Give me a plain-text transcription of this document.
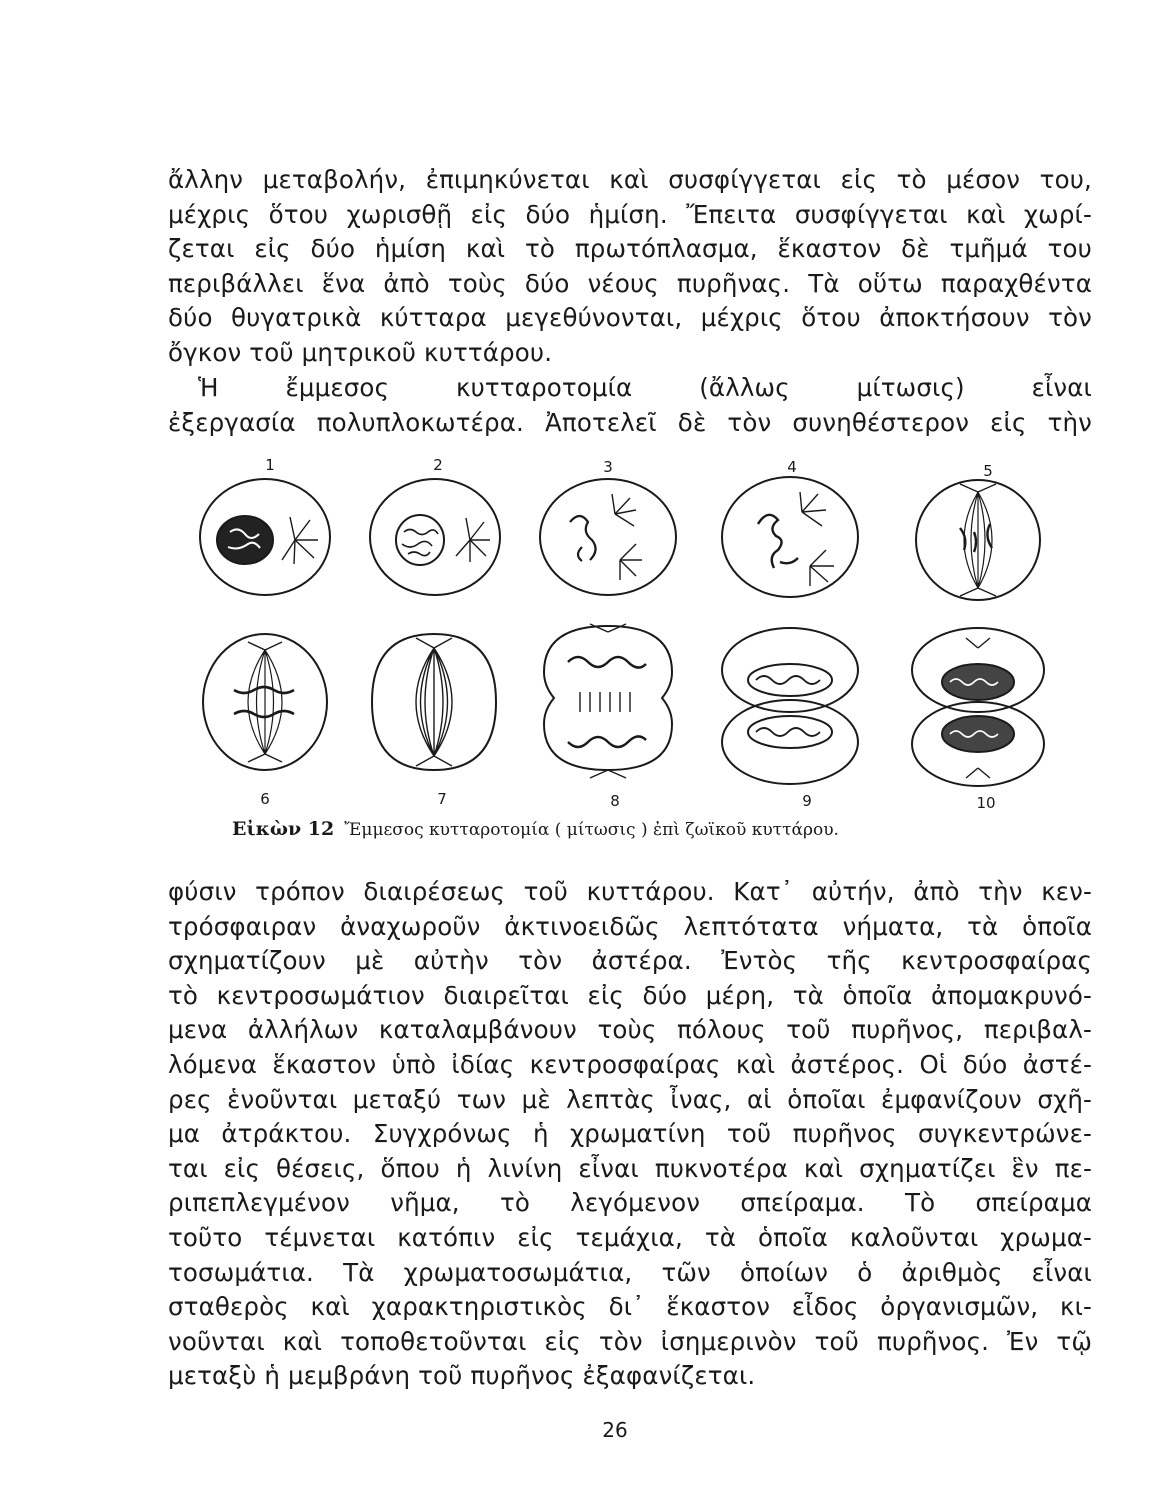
ἄλλην μεταβολήν, ἐπιμηκύνεται καὶ συσφίγγεται εἰς τὸ μέσον του,
μέχρις ὅτου χωρισθῇ εἰς δύο ἡμίση. Ἔπειτα συσφίγγεται καὶ χωρί-
ζεται εἰς δύο ἡμίση καὶ τὸ πρωτόπλασμα, ἕκαστον δὲ τμῆμά του
περιβάλλει ἕνα ἀπὸ τοὺς δύο νέους πυρῆνας. Τὰ οὕτω παραχθέντα
δύο θυγατρικὰ κύτταρα μεγεθύνονται, μέχρις ὅτου ἀποκτήσουν τὸν
ὄγκον τοῦ μητρικοῦ κυττάρου.
Ἡ ἔμμεσος κυτταροτομία (ἄλλως μίτωσις) εἶναι
ἐξεργασία πολυπλοκωτέρα. Ἀποτελεῖ δὲ τὸν συνηθέστερον εἰς τὴν
1	2	3	4	5
6	7	8	9	10
Εἰκὼν 12 Ἔμμεσος κυτταροτομία ( μίτωσις ) ἐπὶ ζωϊκοῦ κυττάρου.
φύσιν τρόπον διαιρέσεως τοῦ κυττάρου. Κατ᾿ αὐτήν, ἀπὸ τὴν κεν-
τρόσφαιραν ἀναχωροῦν ἀκτινοειδῶς λεπτότατα νήματα, τὰ ὁποῖα
σχηματίζουν μὲ αὐτὴν τὸν ἀστέρα. Ἐντὸς τῆς κεντροσφαίρας
τὸ κεντροσωμάτιον διαιρεῖται εἰς δύο μέρη, τὰ ὁποῖα ἀπομακρυνό-
μενα ἀλλήλων καταλαμβάνουν τοὺς πόλους τοῦ πυρῆνος, περιβαλ-
λόμενα ἕκαστον ὑπὸ ἰδίας κεντροσφαίρας καὶ ἀστέρος. Οἱ δύο ἀστέ-
ρες ἑνοῦνται μεταξύ των μὲ λεπτὰς ἶνας, αἱ ὁποῖαι ἐμφανίζουν σχῆ-
μα ἀτράκτου. Συγχρόνως ἡ χρωματίνη τοῦ πυρῆνος συγκεντρώνε-
ται εἰς θέσεις, ὅπου ἡ λινίνη εἶναι πυκνοτέρα καὶ σχηματίζει ἓν πε-
ριπεπλεγμένον νῆμα, τὸ λεγόμενον σπείραμα. Τὸ σπείραμα
τοῦτο τέμνεται κατόπιν εἰς τεμάχια, τὰ ὁποῖα καλοῦνται χρωμα-
τοσωμάτια. Τὰ χρωματοσωμάτια, τῶν ὁποίων ὁ ἀριθμὸς εἶναι
σταθερὸς καὶ χαρακτηριστικὸς δι᾿ ἕκαστον εἶδος ὀργανισμῶν, κι-
νοῦνται καὶ τοποθετοῦνται εἰς τὸν ἰσημερινὸν τοῦ πυρῆνος. Ἐν τῷ
μεταξὺ ἡ μεμβράνη τοῦ πυρῆνος ἐξαφανίζεται.
26
